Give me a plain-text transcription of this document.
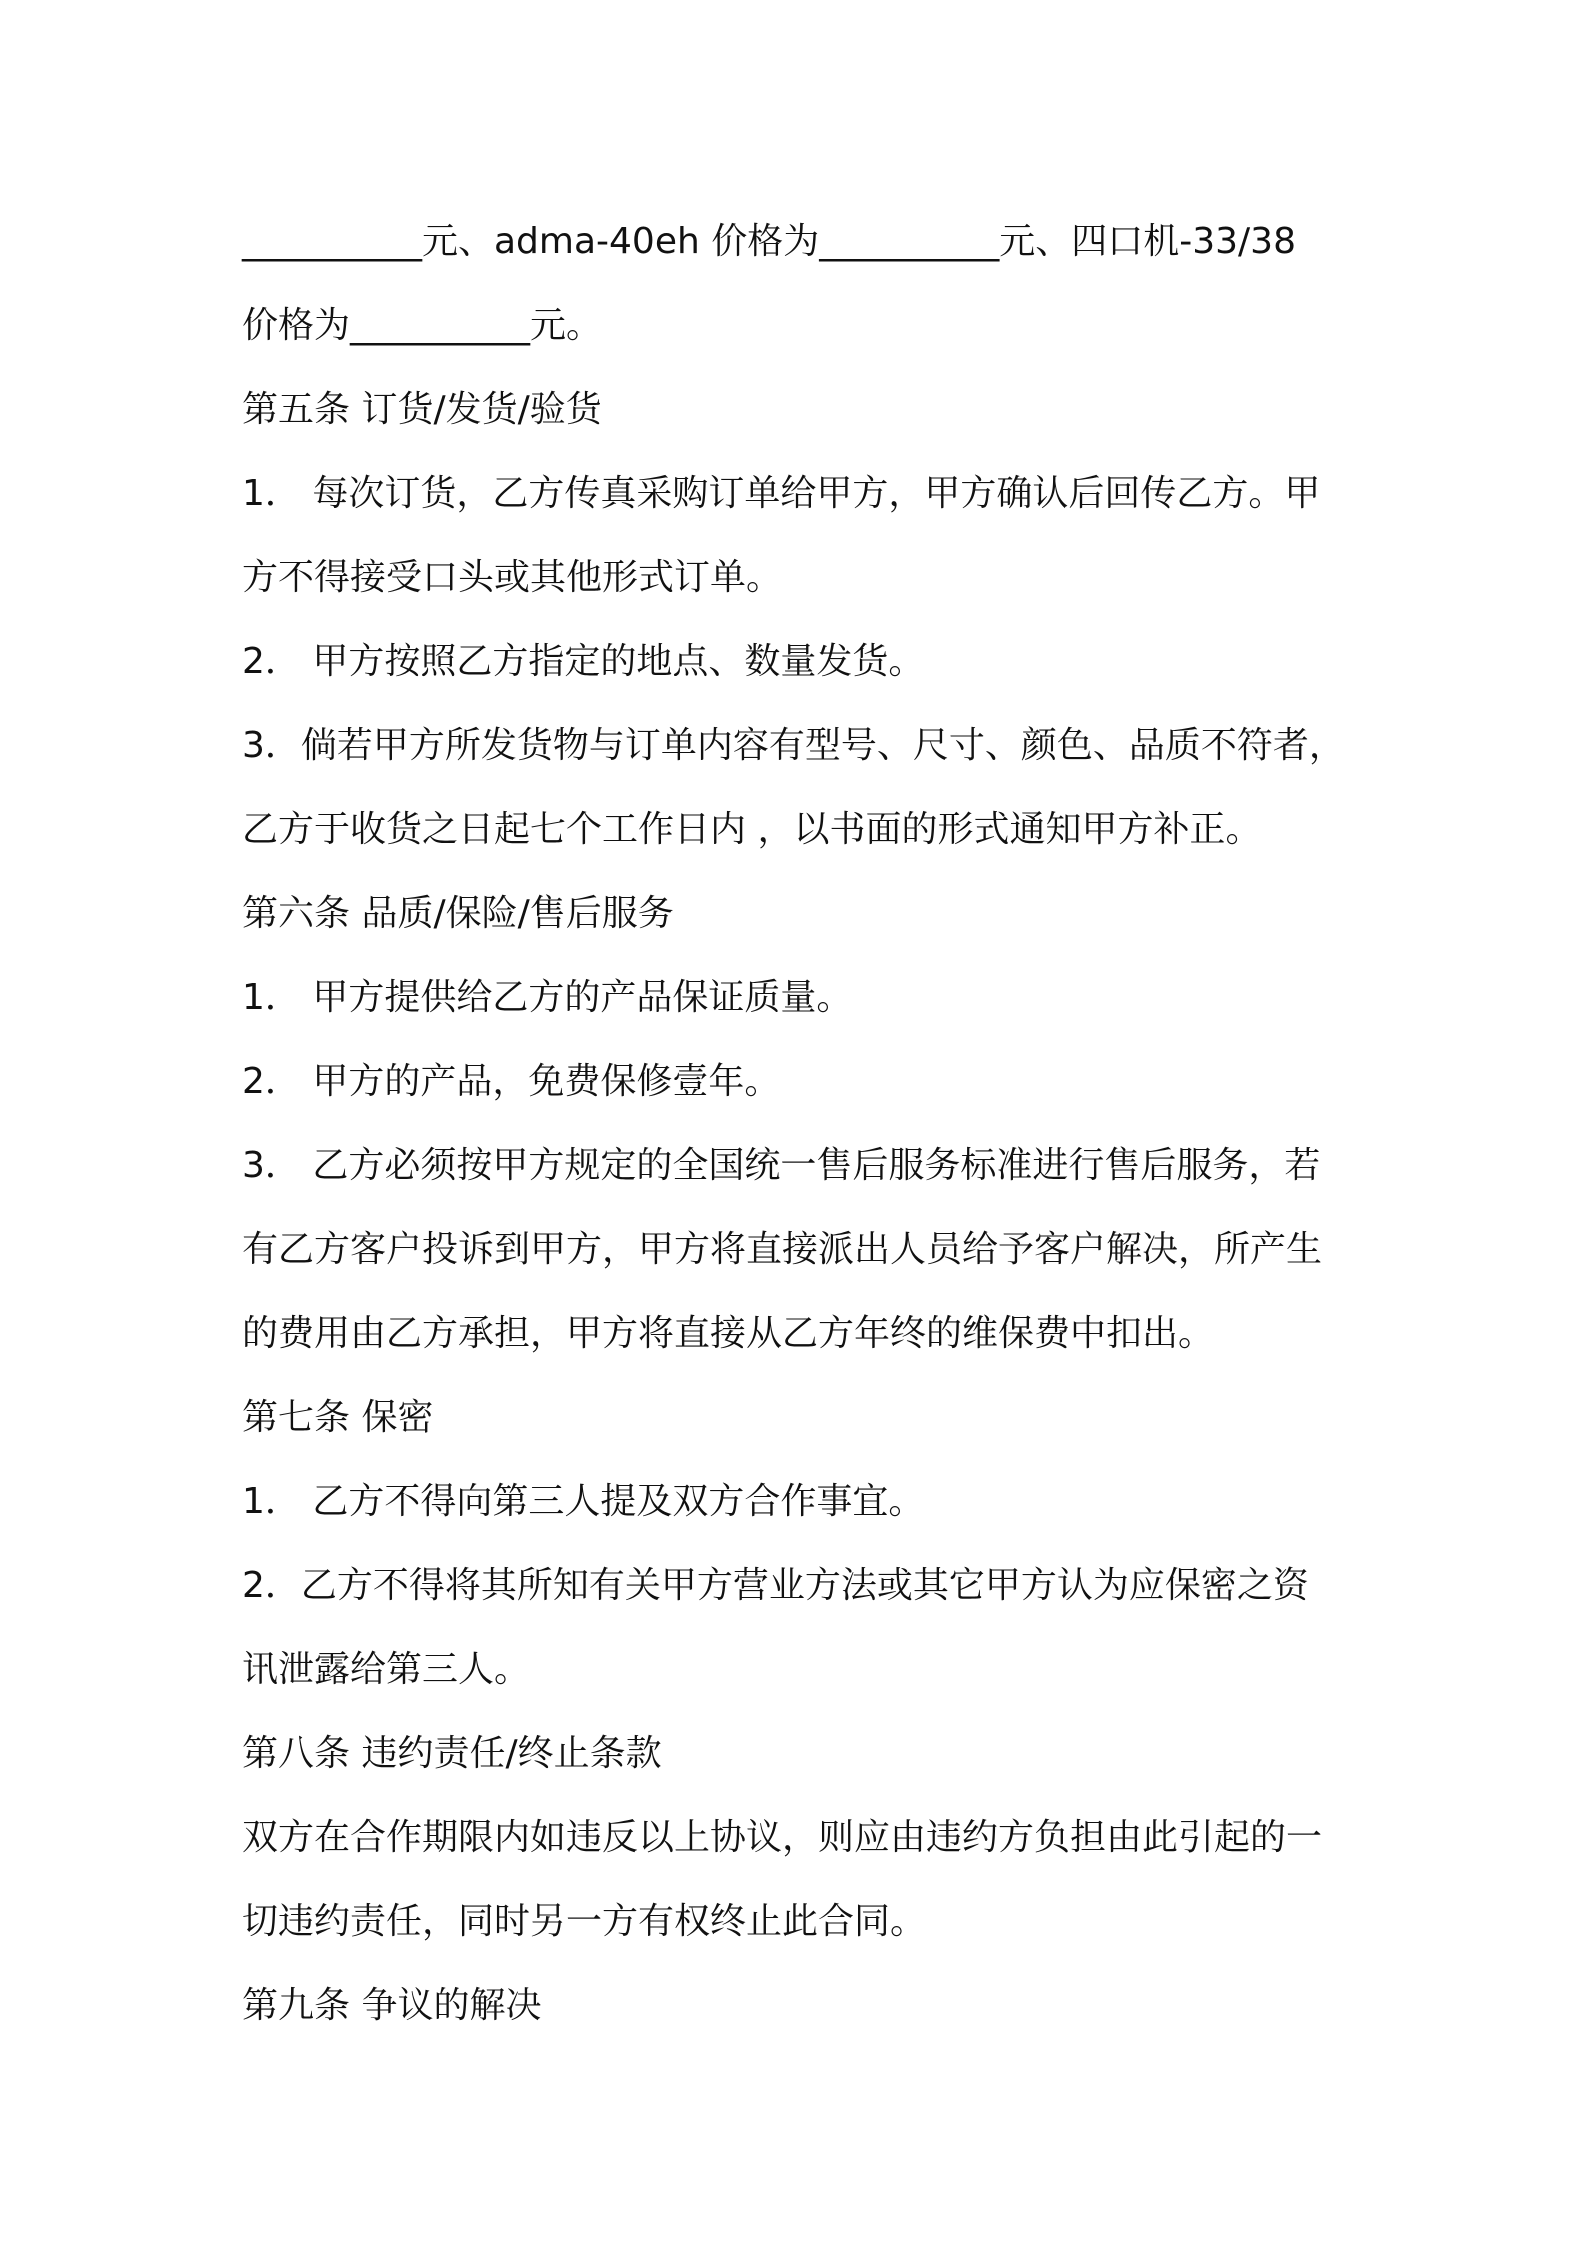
__________元、adma-40eh 价格为__________元、四口机-33/38
价格为__________元。
第五条 订货/发货/验货
1． 每次订货，乙方传真采购订单给甲方，甲方确认后回传乙方。甲
方不得接受口头或其他形式订单。
2． 甲方按照乙方指定的地点、数量发货。
3．倘若甲方所发货物与订单内容有型号、尺寸、颜色、品质不符者，
乙方于收货之日起七个工作日内 ，以书面的形式通知甲方补正。
第六条 品质/保险/售后服务
1． 甲方提供给乙方的产品保证质量。
2． 甲方的产品，免费保修壹年。
3． 乙方必须按甲方规定的全国统一售后服务标准进行售后服务，若
有乙方客户投诉到甲方，甲方将直接派出人员给予客户解决，所产生
的费用由乙方承担，甲方将直接从乙方年终的维保费中扣出。
第七条 保密
1． 乙方不得向第三人提及双方合作事宜。
2．乙方不得将其所知有关甲方营业方法或其它甲方认为应保密之资
讯泄露给第三人。
第八条 违约责任/终止条款
双方在合作期限内如违反以上协议，则应由违约方负担由此引起的一
切违约责任，同时另一方有权终止此合同。
第九条 争议的解决
